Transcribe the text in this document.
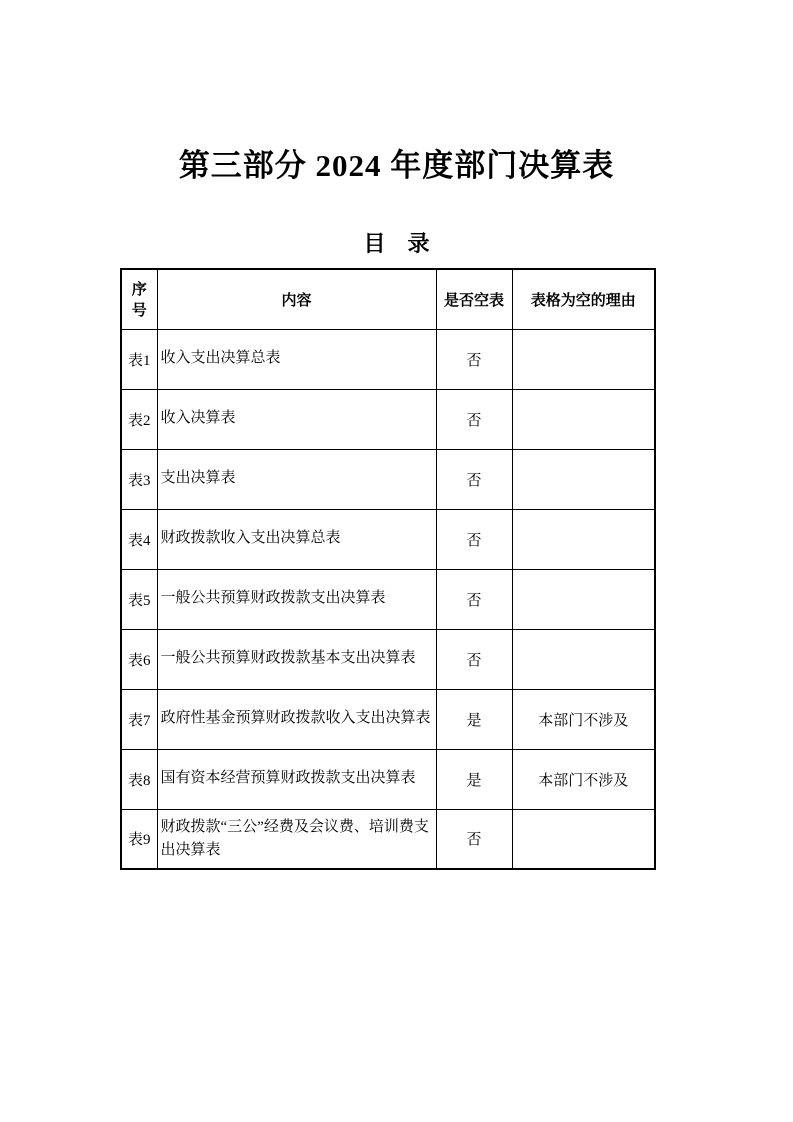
第三部分 2024 年度部门决算表
目　录
序号	内容	是否空表	表格为空的理由
表1	收入支出决算总表	否	
表2	收入决算表	否	
表3	支出决算表	否	
表4	财政拨款收入支出决算总表	否	
表5	一般公共预算财政拨款支出决算表	否	
表6	一般公共预算财政拨款基本支出决算表	否	
表7	政府性基金预算财政拨款收入支出决算表	是	本部门不涉及
表8	国有资本经营预算财政拨款支出决算表	是	本部门不涉及
表9	财政拨款“三公”经费及会议费、培训费支出决算表	否	
